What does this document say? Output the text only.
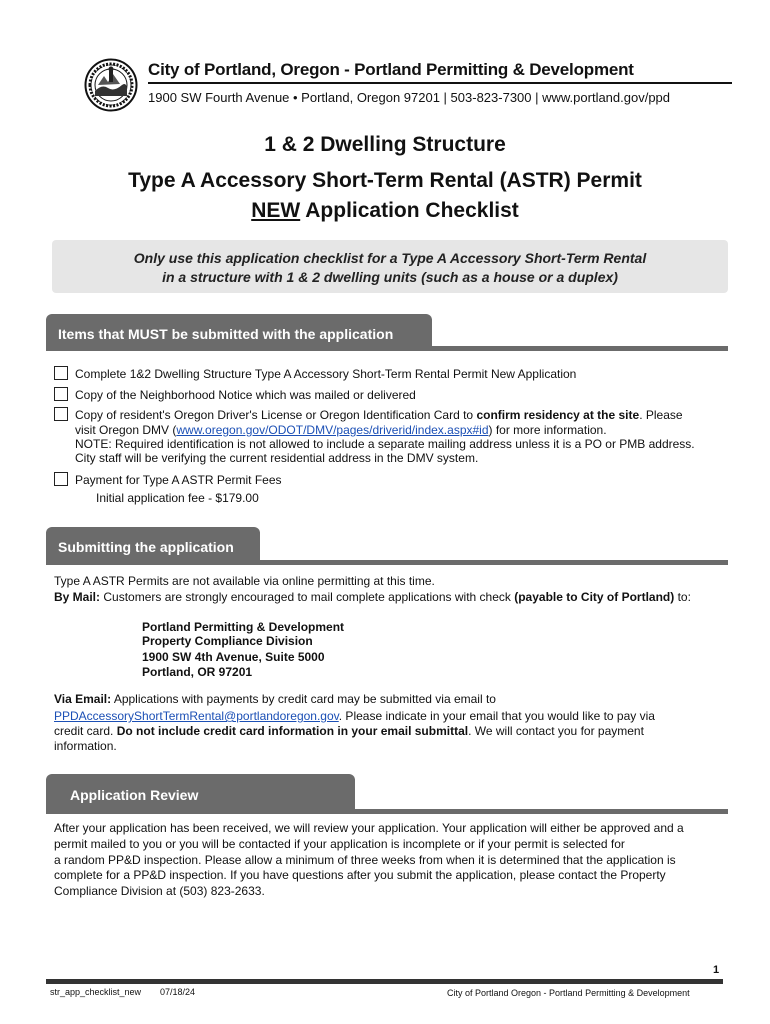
City of Portland, Oregon - Portland Permitting & Development
1900 SW Fourth Avenue • Portland, Oregon 97201 | 503-823-7300 | www.portland.gov/ppd
1 & 2 Dwelling Structure
Type A Accessory Short-Term Rental (ASTR) Permit
NEW Application Checklist
Only use this application checklist for a Type A Accessory Short-Term Rental
in a structure with 1 & 2 dwelling units (such as a house or a duplex)
Items that MUST be submitted with the application
Complete 1&2 Dwelling Structure Type A Accessory Short-Term Rental Permit New Application
Copy of the Neighborhood Notice which was mailed or delivered
Copy of resident's Oregon Driver's License or Oregon Identification Card to confirm residency at the site. Please
visit Oregon DMV (www.oregon.gov/ODOT/DMV/pages/driverid/index.aspx#id) for more information.
NOTE: Required identification is not allowed to include a separate mailing address unless it is a PO or PMB address.
City staff will be verifying the current residential address in the DMV system.
Payment for Type A ASTR Permit Fees
Initial application fee - $179.00
Submitting the application
Type A ASTR Permits are not available via online permitting at this time.
By Mail: Customers are strongly encouraged to mail complete applications with check (payable to City of Portland) to:
Portland Permitting & Development
Property Compliance Division
1900 SW 4th Avenue, Suite 5000
Portland, OR 97201
Via Email: Applications with payments by credit card may be submitted via email to
PPDAccessoryShortTermRental@portlandoregon.gov. Please indicate in your email that you would like to pay via
credit card. Do not include credit card information in your email submittal. We will contact you for payment
information.
Application Review
After your application has been received, we will review your application. Your application will either be approved and a
permit mailed to you or you will be contacted if your application is incomplete or if your permit is selected for
a random PP&D inspection. Please allow a minimum of three weeks from when it is determined that the application is
complete for a PP&D inspection. If you have questions after you submit the application, please contact the Property
Compliance Division at (503) 823-2633.
1
str_app_checklist_new 07/18/24	City of Portland Oregon - Portland Permitting & Development
